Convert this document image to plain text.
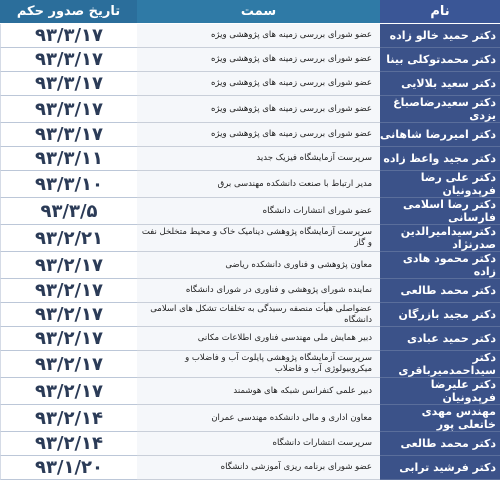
نام
سمت
تاریخ صدور حکم
دکتر حمید خالو زاده
عضو شورای بررسی زمینه های پژوهشی ویژه
۹۳/۳/۱۷
دکتر محمدتوکلی بینا
عضو شورای بررسی زمینه های پژوهشی ویژه
۹۳/۳/۱۷
دکتر سعید بلالایی
عضو شورای بررسی زمینه های پژوهشی ویژه
۹۳/۳/۱۷
دکتر سعیدرضاصباغ یزدی
عضو شورای بررسی زمینه های پژوهشی ویژه
۹۳/۳/۱۷
دکتر امیررضا شاهانی
عضو شورای بررسی زمینه های پژوهشی ویژه
۹۳/۳/۱۷
دکتر مجید واعظ زاده
سرپرست آزمایشگاه فیزیک جدید
۹۳/۳/۱۱
دکتر علی رضا فرپدونیان
مدیر ارتباط با صنعت دانشکده مهندسی برق
۹۳/۳/۱۰
دکتر رضا اسلامی فارسانی
عضو شورای انتشارات دانشگاه
۹۳/۳/۵
دکترسیدامیرالدین صدرنژاد
سرپرست آزمایشگاه پژوهشی دینامیک خاک و محیط متخلخل نفت و گاز
۹۳/۲/۲۱
دکتر محمود هادی زاده
معاون پژوهشی و فناوری دانشکده ریاضی
۹۳/۲/۱۷
دکتر محمد طالعی
نماینده شورای پژوهشی و فناوری در شورای دانشگاه
۹۳/۲/۱۷
دکتر مجید بازرگان
عضواصلی هیأت منصفه رسیدگی به تخلفات تشکل های اسلامی دانشگاه
۹۳/۲/۱۷
دکتر حمید عبادی
دبیر همایش ملی مهندسی فناوری اطلاعات مکانی
۹۳/۲/۱۷
دکتر سیداحمدمیرباقری
سرپرست آزمایشگاه پژوهشی پایلوت آب و فاضلاب و میکروبیولوژی آب و فاضلاب
۹۳/۲/۱۷
دکتر علیرضا فرپدونیان
دبیر علمی کنفرانس شبکه های هوشمند
۹۳/۲/۱۷
مهندس مهدی خاتعلی پور
معاون اداری و مالی دانشکده مهندسی عمران
۹۳/۲/۱۴
دکتر محمد طالعی
سرپرست انتشارات دانشگاه
۹۳/۲/۱۴
دکتر فرشید ترابی
عضو شورای برنامه ریزی آموزشی دانشگاه
۹۳/۱/۲۰
